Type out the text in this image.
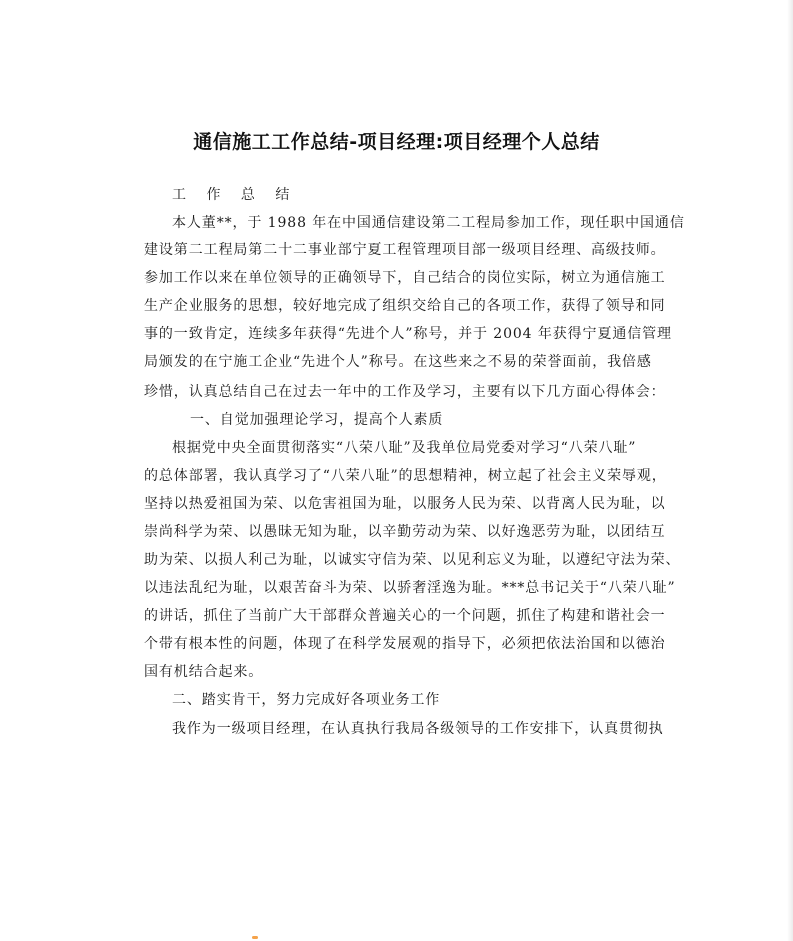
通信施工工作总结-项目经理:项目经理个人总结
工 作 总 结
本人董**，于 1988 年在中国通信建设第二工程局参加工作，现任职中国通信
建设第二工程局第二十二事业部宁夏工程管理项目部一级项目经理、高级技师。
参加工作以来在单位领导的正确领导下，自己结合的岗位实际，树立为通信施工
生产企业服务的思想，较好地完成了组织交给自己的各项工作，获得了领导和同
事的一致肯定，连续多年获得“先进个人”称号，并于 2004 年获得宁夏通信管理
局颁发的在宁施工企业“先进个人”称号。在这些来之不易的荣誉面前，我倍感
珍惜，认真总结自己在过去一年中的工作及学习，主要有以下几方面心得体会：
一、自觉加强理论学习，提高个人素质
根据党中央全面贯彻落实“八荣八耻”及我单位局党委对学习“八荣八耻”
的总体部署，我认真学习了“八荣八耻”的思想精神，树立起了社会主义荣辱观，
坚持以热爱祖国为荣、以危害祖国为耻，以服务人民为荣、以背离人民为耻，以
崇尚科学为荣、以愚昧无知为耻，以辛勤劳动为荣、以好逸恶劳为耻，以团结互
助为荣、以损人利己为耻，以诚实守信为荣、以见利忘义为耻，以遵纪守法为荣、
以违法乱纪为耻，以艰苦奋斗为荣、以骄奢淫逸为耻。***总书记关于“八荣八耻”
的讲话，抓住了当前广大干部群众普遍关心的一个问题，抓住了构建和谐社会一
个带有根本性的问题，体现了在科学发展观的指导下，必须把依法治国和以德治
国有机结合起来。
二、踏实肯干，努力完成好各项业务工作
我作为一级项目经理，在认真执行我局各级领导的工作安排下，认真贯彻执
